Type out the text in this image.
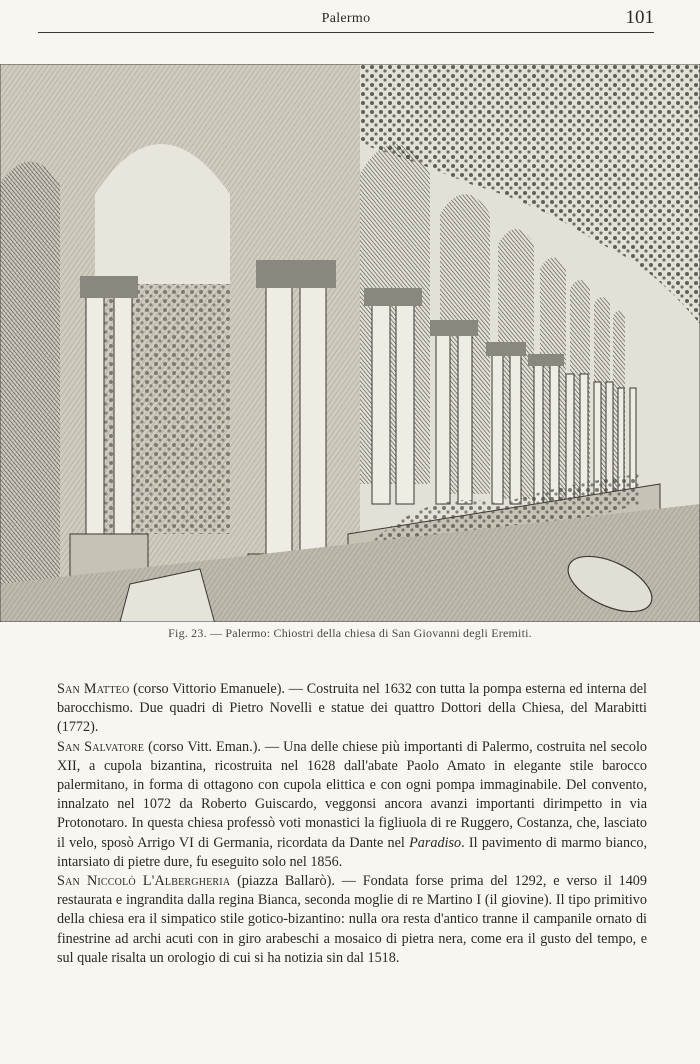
Palermo	101
Fig. 23. — Palermo: Chiostri della chiesa di San Giovanni degli Eremiti.

San Matteo (corso Vittorio Emanuele). — Costruita nel 1632 con tutta la pompa esterna ed interna del barocchismo. Due quadri di Pietro Novelli e statue dei quattro Dottori della Chiesa, del Marabitti (1772).

San Salvatore (corso Vitt. Eman.). — Una delle chiese più importanti di Palermo, costruita nel secolo XII, a cupola bizantina, ricostruita nel 1628 dall'abate Paolo Amato in elegante stile barocco palermitano, in forma di ottagono con cupola elittica e con ogni pompa immaginabile. Del convento, innalzato nel 1072 da Roberto Guiscardo, veggonsi ancora avanzi importanti dirimpetto in via Protonotaro. In questa chiesa professò voti monastici la figliuola di re Ruggero, Costanza, che, lasciato il velo, sposò Arrigo VI di Germania, ricordata da Dante nel Paradiso. Il pavimento di marmo bianco, intarsiato di pietre dure, fu eseguito solo nel 1856.

San Niccolò L'Albergheria (piazza Ballarò). — Fondata forse prima del 1292, e verso il 1409 restaurata e ingrandita dalla regina Bianca, seconda moglie di re Martino I (il giovine). Il tipo primitivo della chiesa era il simpatico stile gotico-bizantino: nulla ora resta d'antico tranne il campanile ornato di finestrine ad archi acuti con in giro arabeschi a mosaico di pietra nera, come era il gusto del tempo, e sul quale risalta un orologio di cui si ha notizia sin dal 1518.
